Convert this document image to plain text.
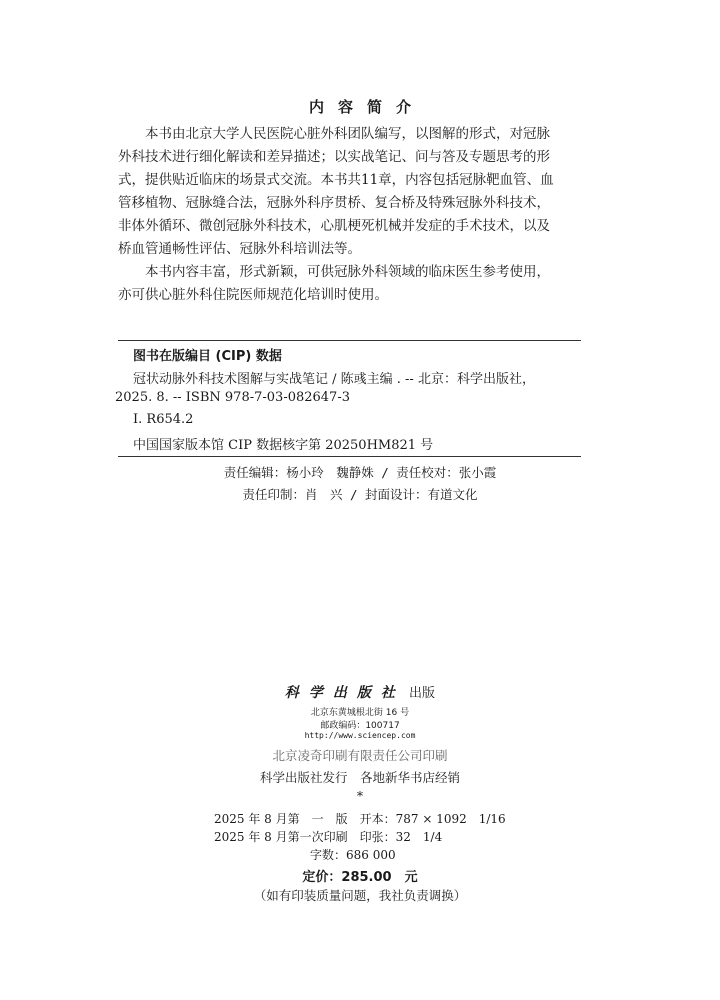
内容简介
　　本书由北京大学人民医院心脏外科团队编写，以图解的形式，对冠脉
外科技术进行细化解读和差异描述；以实战笔记、问与答及专题思考的形
式，提供贴近临床的场景式交流。本书共11章，内容包括冠脉靶血管、血
管移植物、冠脉缝合法，冠脉外科序贯桥、复合桥及特殊冠脉外科技术，
非体外循环、微创冠脉外科技术，心肌梗死机械并发症的手术技术，以及
桥血管通畅性评估、冠脉外科培训法等。
　　本书内容丰富，形式新颖，可供冠脉外科领域的临床医生参考使用，
亦可供心脏外科住院医师规范化培训时使用。
图书在版编目 (CIP) 数据
冠状动脉外科技术图解与实战笔记 / 陈彧主编 . -- 北京：科学出版社，
2025. 8. -- ISBN 978-7-03-082647-3
Ⅰ. R654.2
中国国家版本馆 CIP 数据核字第 20250HM821 号
责任编辑：杨小玲　魏静姝 / 责任校对：张小霞
责任印制：肖　兴 / 封面设计：有道文化
科学出版社 出版
北京东黄城根北街 16 号
邮政编码：100717
http://www.sciencep.com
北京凌奇印刷有限责任公司印刷
科学出版社发行　各地新华书店经销
*
2025 年 8 月第　一　版　开本：787 × 1092　1/16
2025 年 8 月第一次印刷　印张：32　1/4
字数：686 000
定价：285.00　元
（如有印装质量问题，我社负责调换）
